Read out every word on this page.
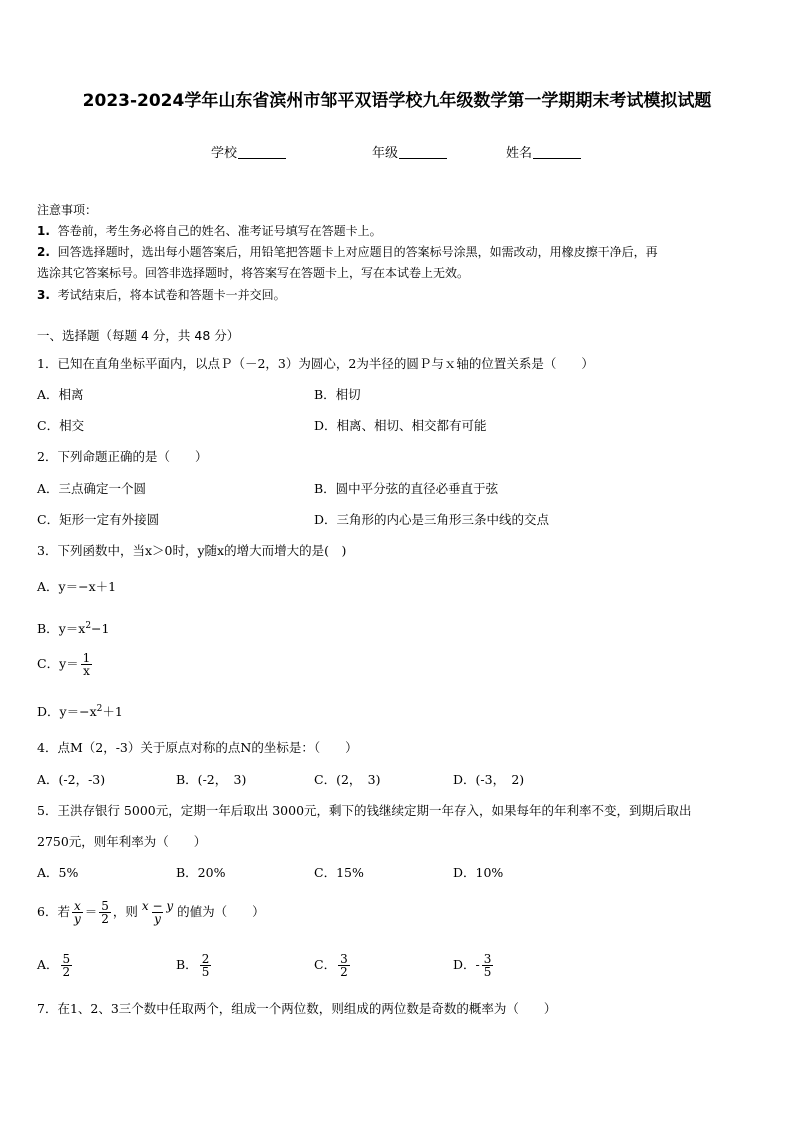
2023-2024学年山东省滨州市邹平双语学校九年级数学第一学期期末考试模拟试题
学校	年级	姓名
注意事项：
1. 答卷前，考生务必将自己的姓名、准考证号填写在答题卡上。
2. 回答选择题时，选出每小题答案后，用铅笔把答题卡上对应题目的答案标号涂黑，如需改动，用橡皮擦干净后，再
选涂其它答案标号。回答非选择题时，将答案写在答题卡上，写在本试卷上无效。
3. 考试结束后，将本试卷和答题卡一并交回。
一、选择题（每题 4 分，共 48 分）
1．已知在直角坐标平面内，以点Ｐ（－2，3）为圆心，2为半径的圆Ｐ与ｘ轴的位置关系是（　　）
A．相离	B．相切
C．相交	D．相离、相切、相交都有可能
2．下列命题正确的是（　　）
A．三点确定一个圆	B．圆中平分弦的直径必垂直于弦
C．矩形一定有外接圆	D．三角形的内心是三角形三条中线的交点
3．下列函数中，当x＞0时，y随x的增大而增大的是(　)
A．y＝−x＋1
B．$y=x^2-1$
C．$y= \frac{1}{x}$
D．$y=-x^2+1$
4．点M（2，-3）关于原点对称的点N的坐标是：（　　）
A．(-2，-3)	B．(-2，　3)	C．(2，　3)	D．(-3，　2)
5．王洪存银行 5000元，定期一年后取出 3000元，剩下的钱继续定期一年存入，如果每年的年利率不变，到期后取出
2750元，则年利率为（　　）
A．5%	B．20%	C．15%	D．10%
6．若 $\frac{x}{y} = \frac{5}{2}$ ，则 $\frac{x - y}{y}$ 的値为（　　）
A． $\frac{5}{2}$	B． $\frac{2}{5}$	C． $\frac{3}{2}$	D．- $\frac{3}{5}$
7．在1、2、3三个数中任取两个，组成一个两位数，则组成的两位数是奇数的概率为（　　）
